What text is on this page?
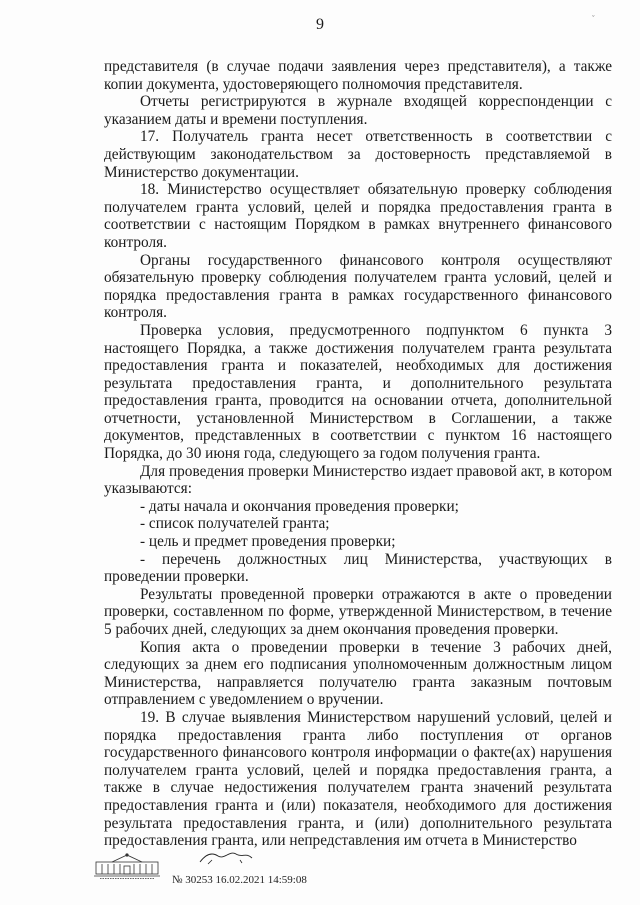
9	ˇ

представителя (в случае подачи заявления через представителя), а также копии документа, удостоверяющего полномочия представителя.

Отчеты регистрируются в журнале входящей корреспонденции с указанием даты и времени поступления.

17. Получатель гранта несет ответственность в соответствии с действующим законодательством за достоверность представляемой в Министерство документации.

18. Министерство осуществляет обязательную проверку соблюдения получателем гранта условий, целей и порядка предоставления гранта в соответствии с настоящим Порядком в рамках внутреннего финансового контроля.

Органы государственного финансового контроля осуществляют обязательную проверку соблюдения получателем гранта условий, целей и порядка предоставления гранта в рамках государственного финансового контроля.

Проверка условия, предусмотренного подпунктом 6 пункта 3 настоящего Порядка, а также достижения получателем гранта результата предоставления гранта и показателей, необходимых для достижения результата предоставления гранта, и дополнительного результата предоставления гранта, проводится на основании отчета, дополнительной отчетности, установленной Министерством в Соглашении, а также документов, представленных в соответствии с пунктом 16 настоящего Порядка, до 30 июня года, следующего за годом получения гранта.

Для проведения проверки Министерство издает правовой акт, в котором указываются:

- даты начала и окончания проведения проверки;

- список получателей гранта;

- цель и предмет проведения проверки;

- перечень должностных лиц Министерства, участвующих в проведении проверки.

Результаты проведенной проверки отражаются в акте о проведении проверки, составленном по форме, утвержденной Министерством, в течение 5 рабочих дней, следующих за днем окончания проведения проверки.

Копия акта о проведении проверки в течение 3 рабочих дней, следующих за днем его подписания уполномоченным должностным лицом Министерства, направляется получателю гранта заказным почтовым отправлением с уведомлением о вручении.

19. В случае выявления Министерством нарушений условий, целей и порядка предоставления гранта либо поступления от органов государственного финансового контроля информации о факте(ах) нарушения получателем гранта условий, целей и порядка предоставления гранта, а также в случае недостижения получателем гранта значений результата предоставления гранта и (или) показателя, необходимого для достижения результата предоставления гранта, и (или) дополнительного результата предоставления гранта, или непредставления им отчета в Министерство

№ 30253 16.02.2021 14:59:08
